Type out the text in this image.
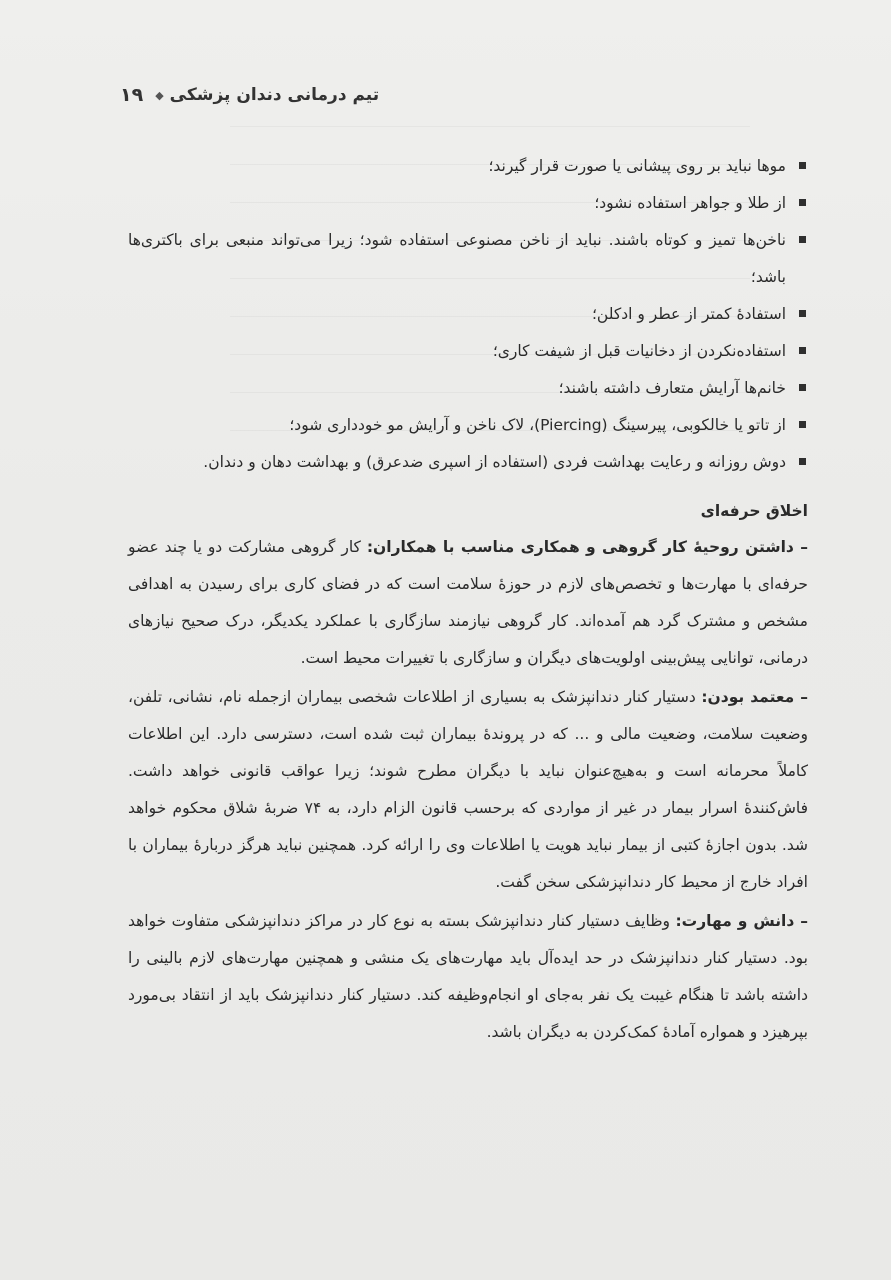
تیم درمانی دندان پزشکی
◆
۱۹
موها نباید بر روی پیشانی یا صورت قرار گیرند؛
از طلا و جواهر استفاده نشود؛
ناخن‌ها تمیز و کوتاه باشند. نباید از ناخن مصنوعی استفاده شود؛ زیرا می‌تواند منبعی برای باکتری‌ها باشد؛
استفادهٔ کمتر از عطر و ادکلن؛
استفاده‌نکردن از دخانیات قبل از شیفت کاری؛
خانم‌ها آرایش متعارف داشته باشند؛
از تاتو یا خالکوبی، پیرسینگ (Piercing)، لاک ناخن و آرایش مو خودداری شود؛
دوش روزانه و رعایت بهداشت فردی (استفاده از اسپری ضدعرق) و بهداشت دهان و دندان.
اخلاق حرفه‌ای

– داشتن روحیهٔ کار گروهی و همکاری مناسب با همکاران: کار گروهی مشارکت دو یا چند عضو حرفه‌ای با مهارت‌ها و تخصص‌های لازم در حوزهٔ سلامت است که در فضای کاری برای رسیدن به اهدافی مشخص و مشترک گرد هم آمده‌اند. کار گروهی نیازمند سازگاری با عملکرد یکدیگر، درک صحیح نیازهای درمانی، توانایی پیش‌بینی اولویت‌های دیگران و سازگاری با تغییرات محیط است.

– معتمد بودن: دستیار کنار دندانپزشک به بسیاری از اطلاعات شخصی بیماران ازجمله نام، نشانی، تلفن، وضعیت سلامت، وضعیت مالی و ... که در پروندهٔ بیماران ثبت شده است، دسترسی دارد. این اطلاعات کاملاً محرمانه است و به‌هیچ‌عنوان نباید با دیگران مطرح شوند؛ زیرا عواقب قانونی خواهد داشت. فاش‌کنندهٔ اسرار بیمار در غیر از مواردی که برحسب قانون الزام دارد، به ۷۴ ضربهٔ شلاق محکوم خواهد شد. بدون اجازهٔ کتبی از بیمار نباید هویت یا اطلاعات وی را ارائه کرد. همچنین نباید هرگز دربارهٔ بیماران با افراد خارج از محیط کار دندانپزشکی سخن گفت.

– دانش و مهارت: وظایف دستیار کنار دندانپزشک بسته به نوع کار در مراکز دندانپزشکی متفاوت خواهد بود. دستیار کنار دندانپزشک در حد ایده‌آل باید مهارت‌های یک منشی و همچنین مهارت‌های لازم بالینی را داشته باشد تا هنگام غیبت یک نفر به‌جای او انجام‌وظیفه کند. دستیار کنار دندانپزشک باید از انتقاد بی‌مورد بپرهیزد و همواره آمادهٔ کمک‌کردن به دیگران باشد.
